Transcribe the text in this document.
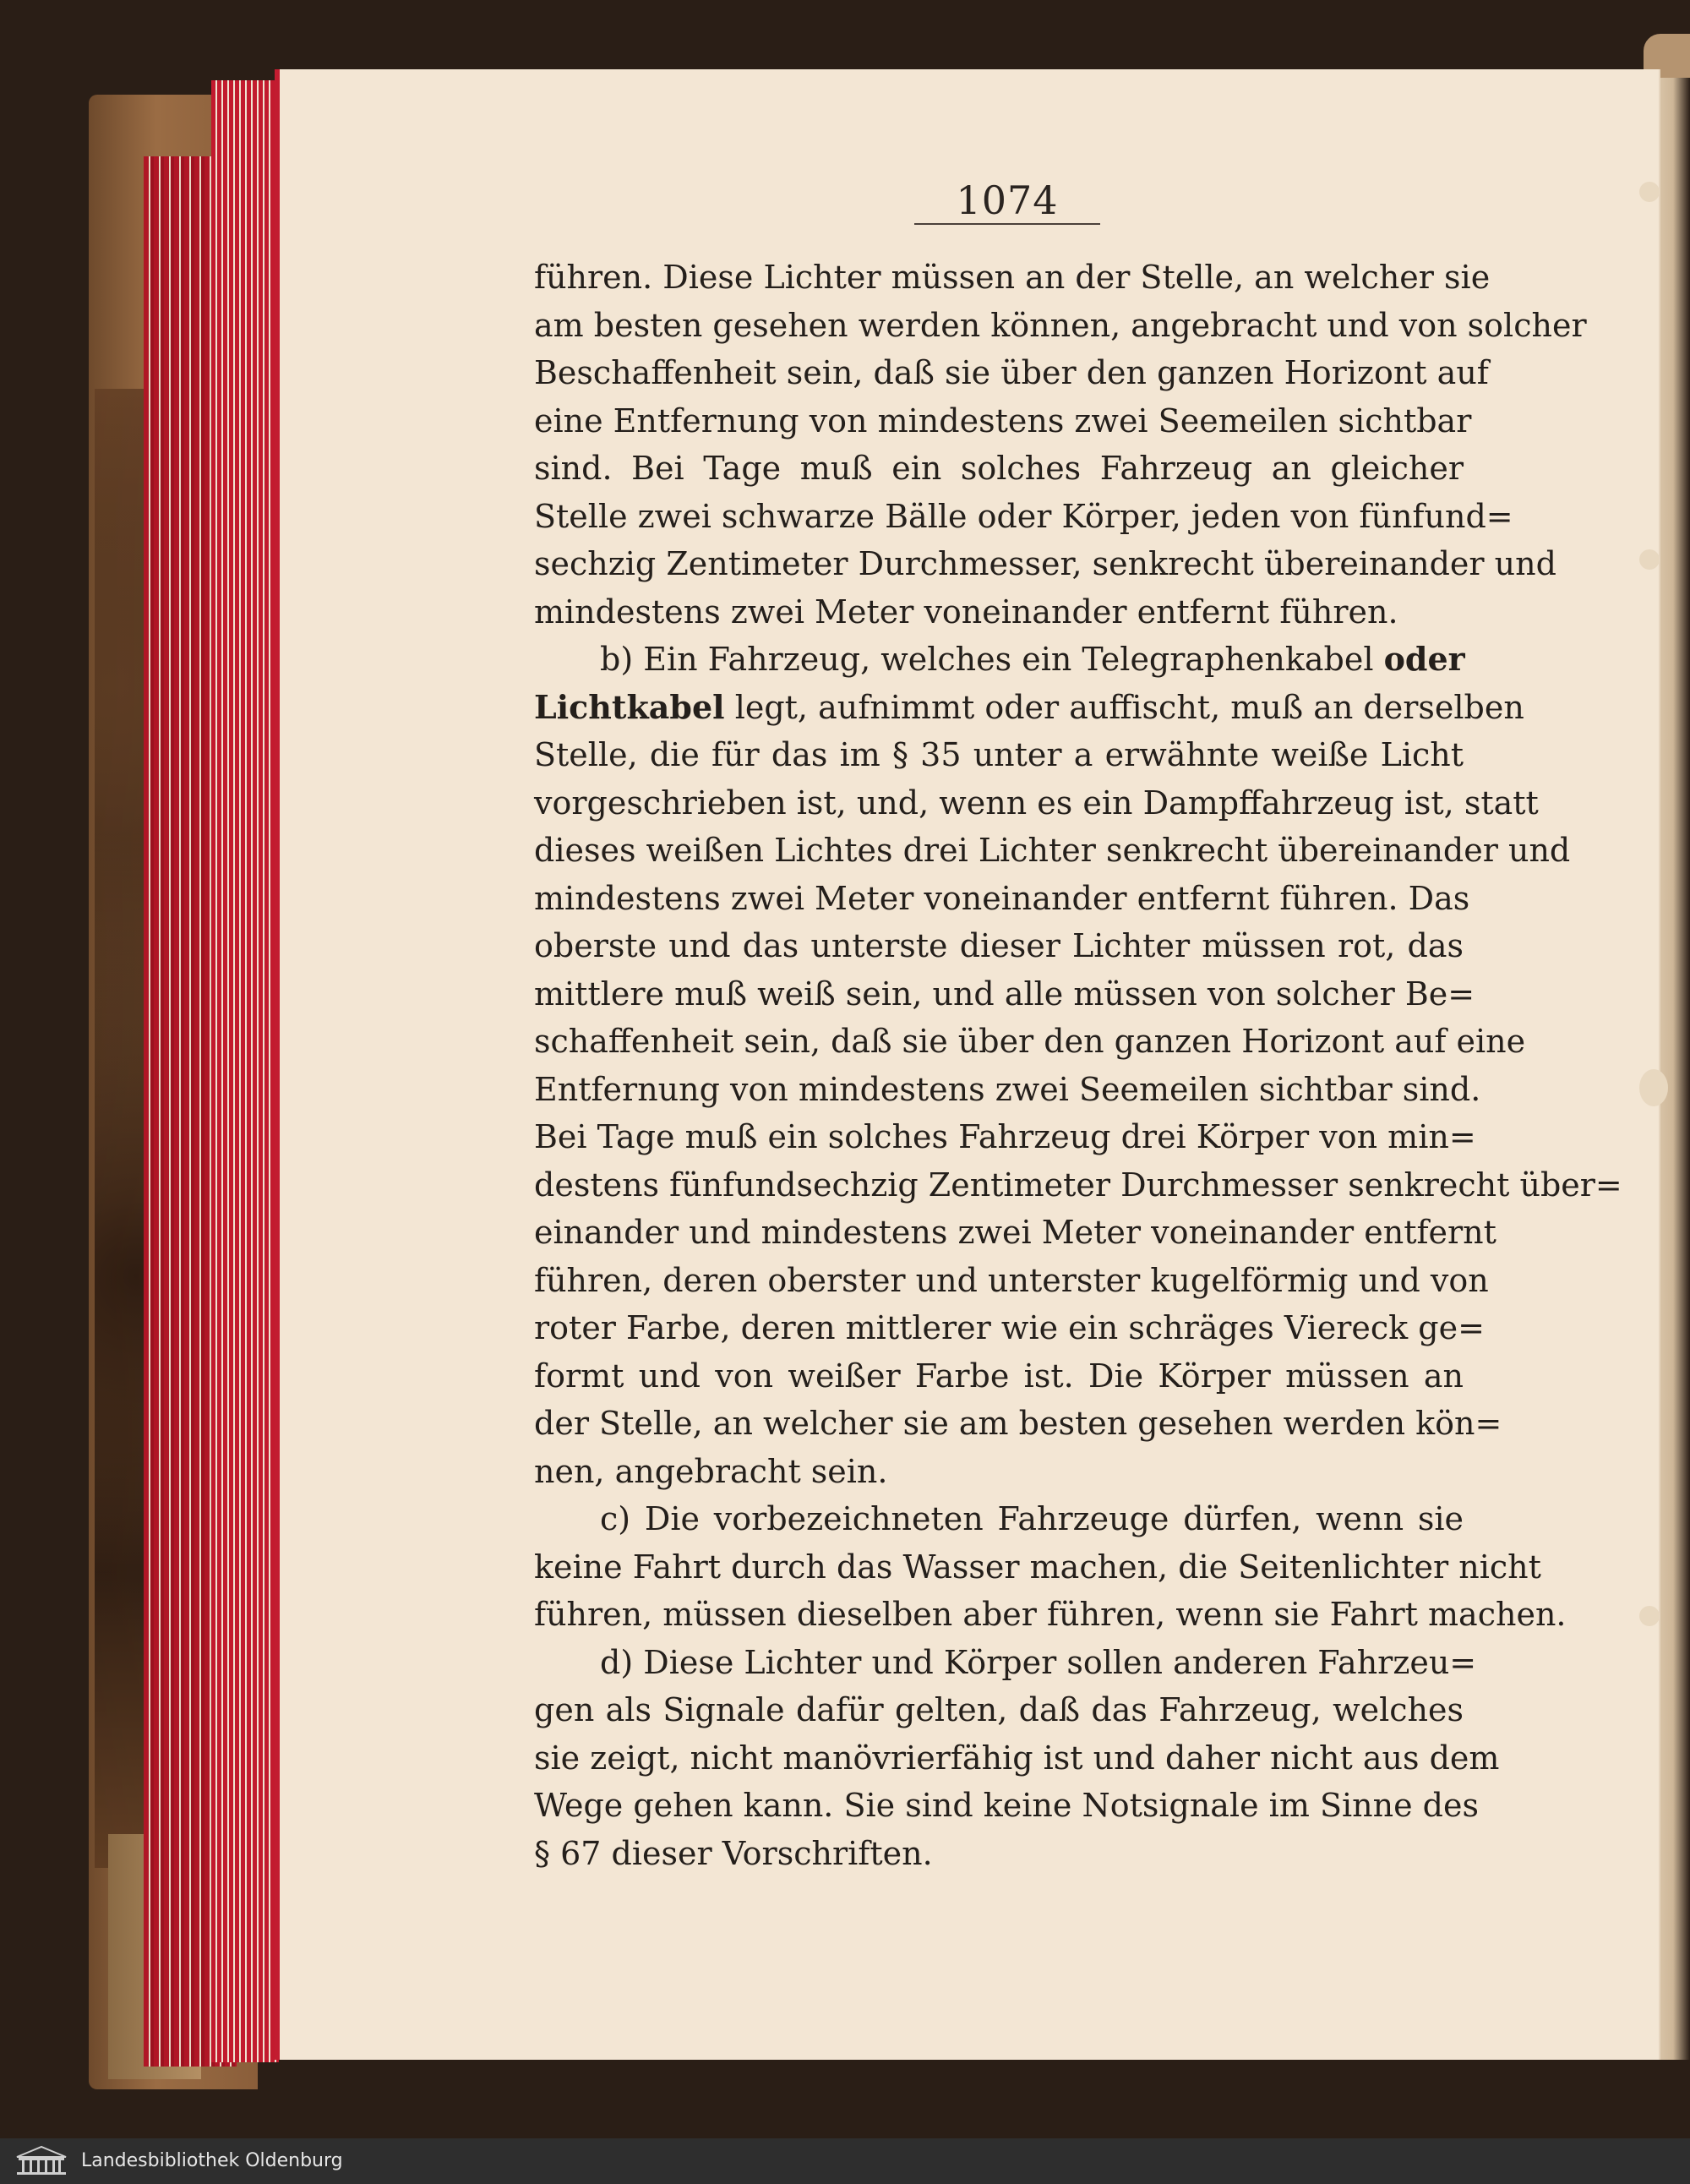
1074
führen. Diese Lichter müssen an der Stelle, an welcher sie
am besten gesehen werden können, angebracht und von solcher
Beschaffenheit sein, daß sie über den ganzen Horizont auf
eine Entfernung von mindestens zwei Seemeilen sichtbar
sind. Bei Tage muß ein solches Fahrzeug an gleicher
Stelle zwei schwarze Bälle oder Körper, jeden von fünfund=
sechzig Zentimeter Durchmesser, senkrecht übereinander und
mindestens zwei Meter voneinander entfernt führen.
b) Ein Fahrzeug, welches ein Telegraphenkabel oder
Lichtkabel legt, aufnimmt oder auffischt, muß an derselben
Stelle, die für das im § 35 unter a erwähnte weiße Licht
vorgeschrieben ist, und, wenn es ein Dampffahrzeug ist, statt
dieses weißen Lichtes drei Lichter senkrecht übereinander und
mindestens zwei Meter voneinander entfernt führen. Das
oberste und das unterste dieser Lichter müssen rot, das
mittlere muß weiß sein, und alle müssen von solcher Be=
schaffenheit sein, daß sie über den ganzen Horizont auf eine
Entfernung von mindestens zwei Seemeilen sichtbar sind.
Bei Tage muß ein solches Fahrzeug drei Körper von min=
destens fünfundsechzig Zentimeter Durchmesser senkrecht über=
einander und mindestens zwei Meter voneinander entfernt
führen, deren oberster und unterster kugelförmig und von
roter Farbe, deren mittlerer wie ein schräges Viereck ge=
formt und von weißer Farbe ist. Die Körper müssen an
der Stelle, an welcher sie am besten gesehen werden kön=
nen, angebracht sein.
c) Die vorbezeichneten Fahrzeuge dürfen, wenn sie
keine Fahrt durch das Wasser machen, die Seitenlichter nicht
führen, müssen dieselben aber führen, wenn sie Fahrt machen.
d) Diese Lichter und Körper sollen anderen Fahrzeu=
gen als Signale dafür gelten, daß das Fahrzeug, welches
sie zeigt, nicht manövrierfähig ist und daher nicht aus dem
Wege gehen kann. Sie sind keine Notsignale im Sinne des
§ 67 dieser Vorschriften.
Landesbibliothek Oldenburg
